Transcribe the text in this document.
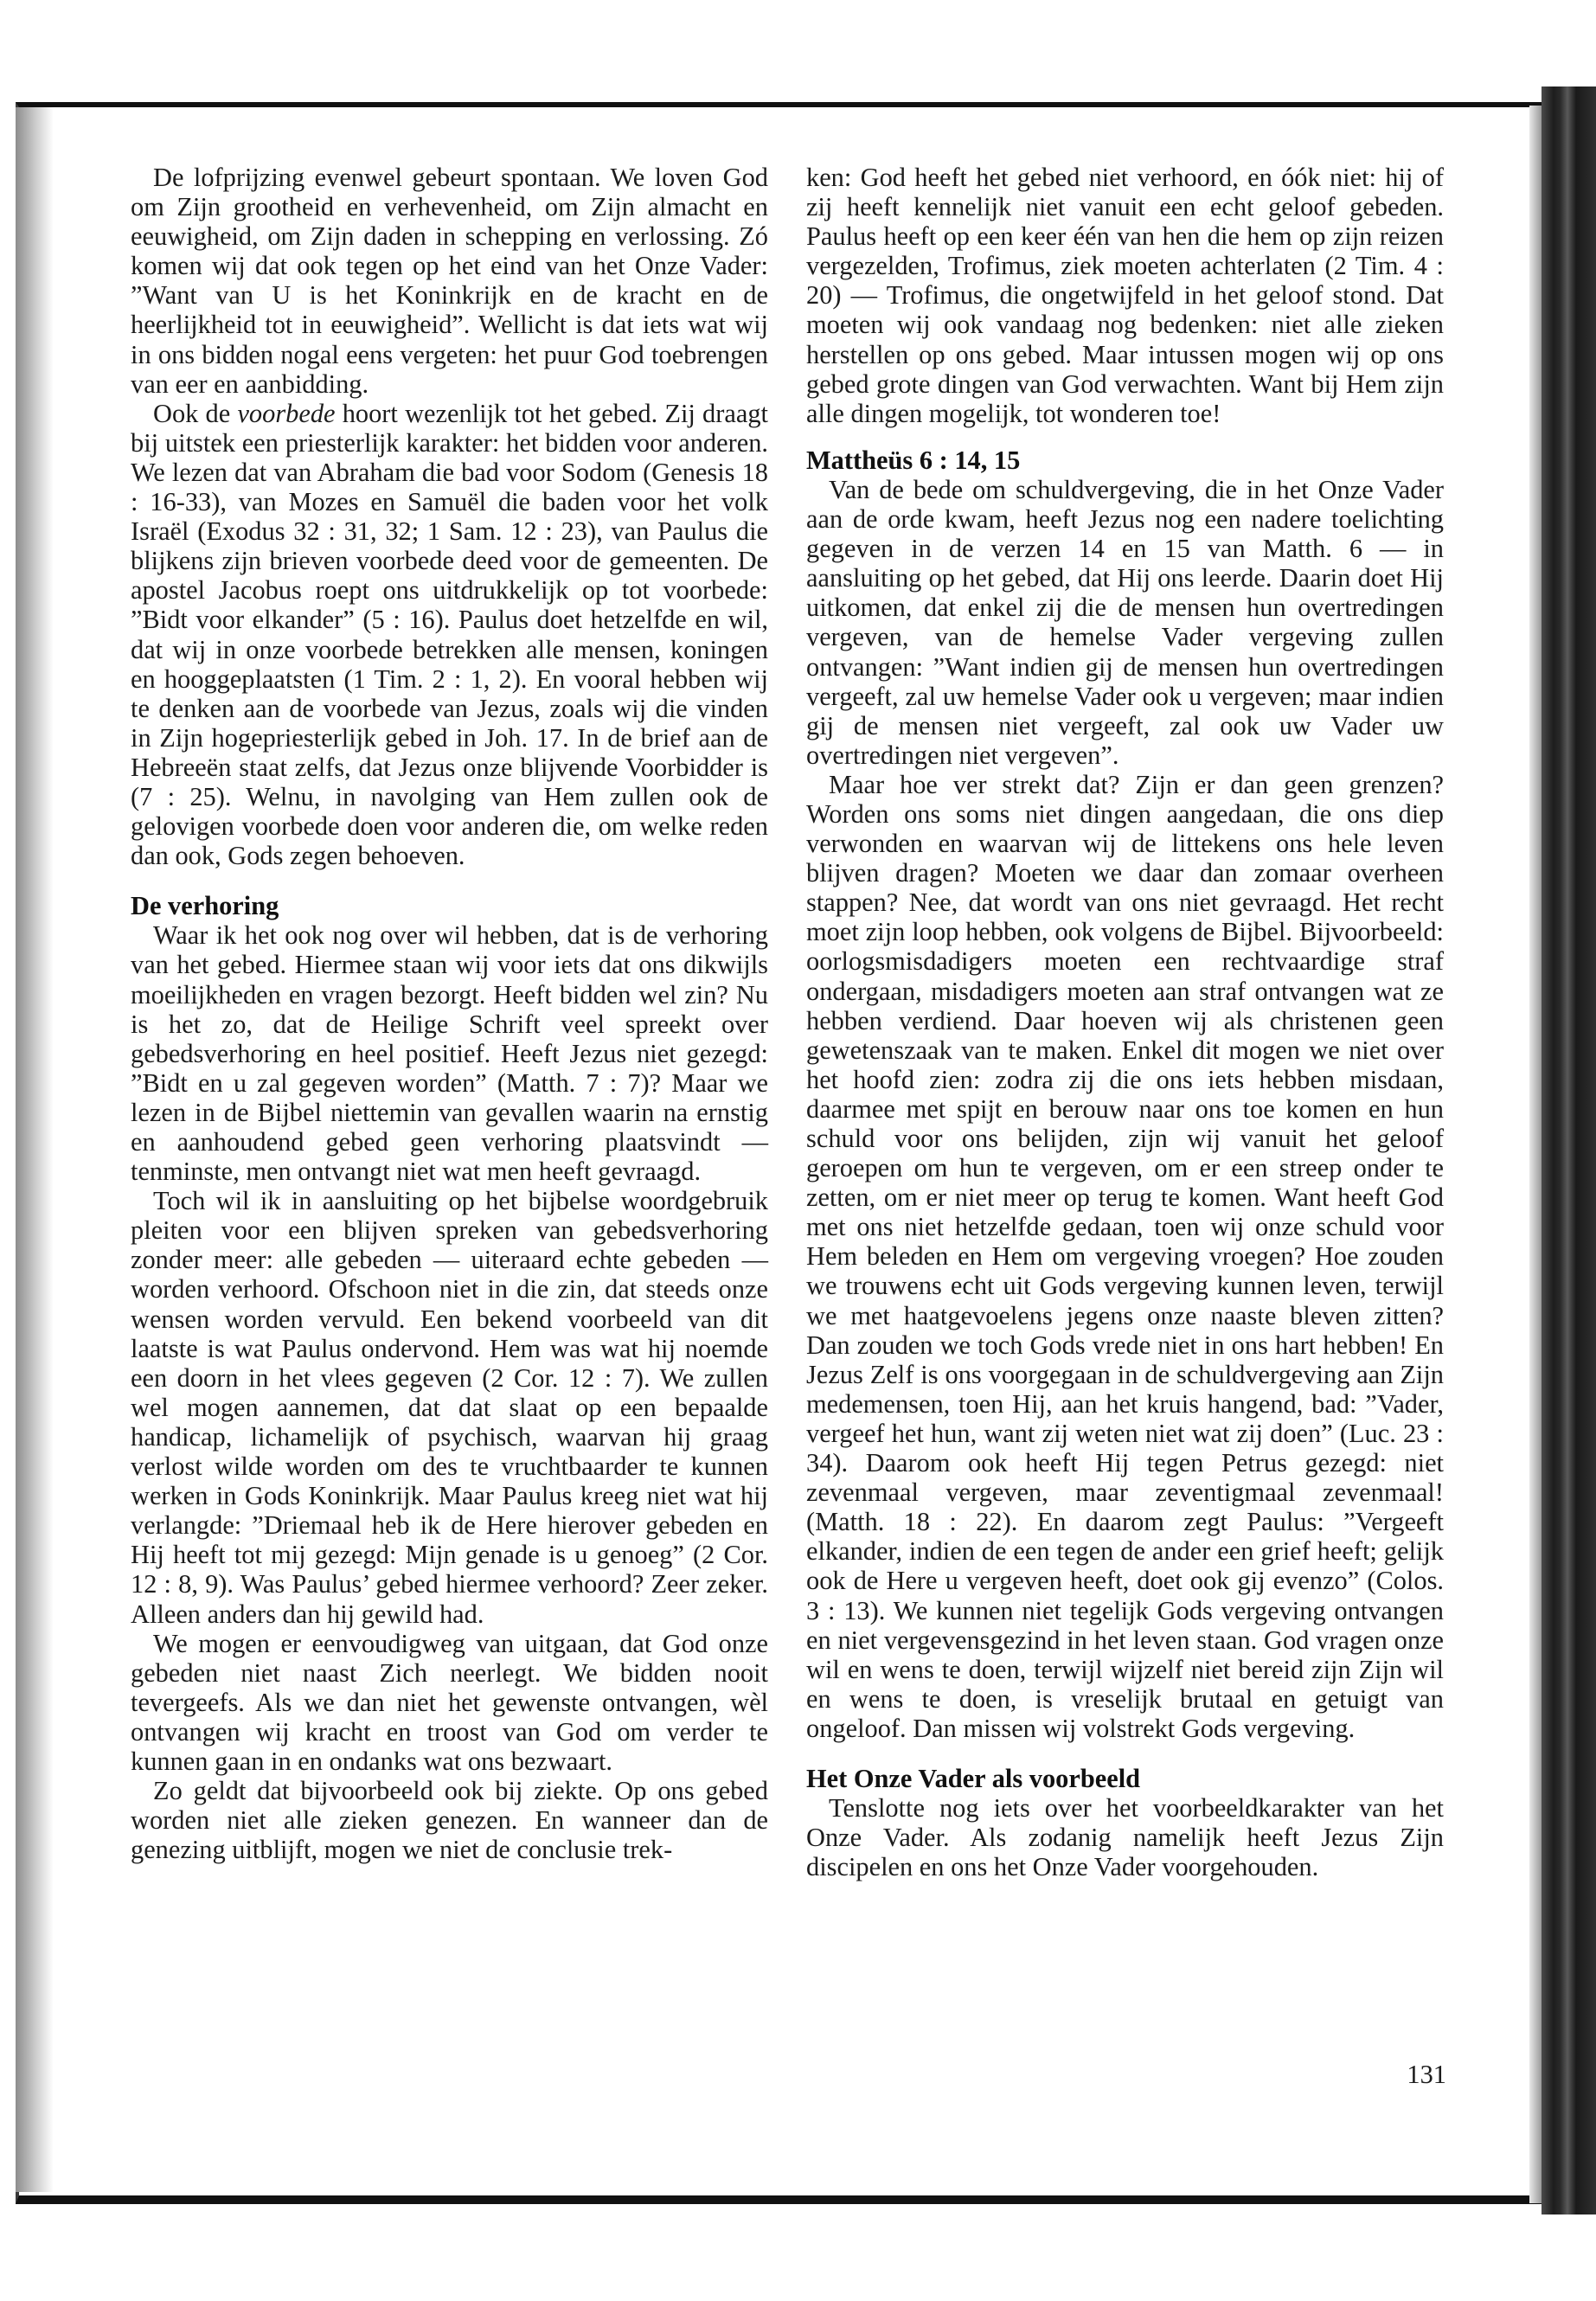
De lofprijzing evenwel gebeurt spontaan. We loven God om Zijn grootheid en verhevenheid, om Zijn almacht en eeuwigheid, om Zijn daden in schepping en verlossing. Zó komen wij dat ook tegen op het eind van het Onze Vader: ”Want van U is het Koninkrijk en de kracht en de heerlijkheid tot in eeuwigheid”. Wellicht is dat iets wat wij in ons bidden nogal eens vergeten: het puur God toebrengen van eer en aanbidding.

Ook de voorbede hoort wezenlijk tot het gebed. Zij draagt bij uitstek een priesterlijk karakter: het bidden voor anderen. We lezen dat van Abraham die bad voor Sodom (Genesis 18 : 16-33), van Mozes en Samuël die baden voor het volk Israël (Exodus 32 : 31, 32; 1 Sam. 12 : 23), van Paulus die blijkens zijn brieven voorbede deed voor de gemeenten. De apostel Jacobus roept ons uitdrukkelijk op tot voorbede: ”Bidt voor elkander” (5 : 16). Paulus doet hetzelfde en wil, dat wij in onze voorbede betrekken alle mensen, koningen en hooggeplaatsten (1 Tim. 2 : 1, 2). En vooral hebben wij te denken aan de voorbede van Jezus, zoals wij die vinden in Zijn hogepriesterlijk gebed in Joh. 17. In de brief aan de Hebreeën staat zelfs, dat Jezus onze blijvende Voorbidder is (7 : 25). Welnu, in navolging van Hem zullen ook de gelovigen voorbede doen voor anderen die, om welke reden dan ook, Gods zegen behoeven.

De verhoring

Waar ik het ook nog over wil hebben, dat is de verhoring van het gebed. Hiermee staan wij voor iets dat ons dikwijls moeilijkheden en vragen bezorgt. Heeft bidden wel zin? Nu is het zo, dat de Heilige Schrift veel spreekt over gebedsverhoring en heel positief. Heeft Jezus niet gezegd: ”Bidt en u zal gegeven worden” (Matth. 7 : 7)? Maar we lezen in de Bijbel niettemin van gevallen waarin na ernstig en aanhoudend gebed geen verhoring plaatsvindt — tenminste, men ontvangt niet wat men heeft gevraagd.

Toch wil ik in aansluiting op het bijbelse woordgebruik pleiten voor een blijven spreken van gebedsverhoring zonder meer: alle gebeden — uiteraard echte gebeden — worden verhoord. Ofschoon niet in die zin, dat steeds onze wensen worden vervuld. Een bekend voorbeeld van dit laatste is wat Paulus ondervond. Hem was wat hij noemde een doorn in het vlees gegeven (2 Cor. 12 : 7). We zullen wel mogen aannemen, dat dat slaat op een bepaalde handicap, lichamelijk of psychisch, waarvan hij graag verlost wilde worden om des te vruchtbaarder te kunnen werken in Gods Koninkrijk. Maar Paulus kreeg niet wat hij verlangde: ”Driemaal heb ik de Here hierover gebeden en Hij heeft tot mij gezegd: Mijn genade is u genoeg” (2 Cor. 12 : 8, 9). Was Paulus’ gebed hiermee verhoord? Zeer zeker. Alleen anders dan hij gewild had.

We mogen er eenvoudigweg van uitgaan, dat God onze gebeden niet naast Zich neerlegt. We bidden nooit tevergeefs. Als we dan niet het gewenste ontvangen, wèl ontvangen wij kracht en troost van God om verder te kunnen gaan in en ondanks wat ons bezwaart.

Zo geldt dat bijvoorbeeld ook bij ziekte. Op ons gebed worden niet alle zieken genezen. En wanneer dan de genezing uitblijft, mogen we niet de conclusie trek-

ken: God heeft het gebed niet verhoord, en óók niet: hij of zij heeft kennelijk niet vanuit een echt geloof gebeden. Paulus heeft op een keer één van hen die hem op zijn reizen vergezelden, Trofimus, ziek moeten achterlaten (2 Tim. 4 : 20) — Trofimus, die ongetwijfeld in het geloof stond. Dat moeten wij ook vandaag nog bedenken: niet alle zieken herstellen op ons gebed. Maar intussen mogen wij op ons gebed grote dingen van God verwachten. Want bij Hem zijn alle dingen mogelijk, tot wonderen toe!

Mattheüs 6 : 14, 15

Van de bede om schuldvergeving, die in het Onze Vader aan de orde kwam, heeft Jezus nog een nadere toelichting gegeven in de verzen 14 en 15 van Matth. 6 — in aansluiting op het gebed, dat Hij ons leerde. Daarin doet Hij uitkomen, dat enkel zij die de mensen hun overtredingen vergeven, van de hemelse Vader vergeving zullen ontvangen: ”Want indien gij de mensen hun overtredingen vergeeft, zal uw hemelse Vader ook u vergeven; maar indien gij de mensen niet vergeeft, zal ook uw Vader uw overtredingen niet vergeven”.

Maar hoe ver strekt dat? Zijn er dan geen grenzen? Worden ons soms niet dingen aangedaan, die ons diep verwonden en waarvan wij de littekens ons hele leven blijven dragen? Moeten we daar dan zomaar overheen stappen? Nee, dat wordt van ons niet gevraagd. Het recht moet zijn loop hebben, ook volgens de Bijbel. Bijvoorbeeld: oorlogsmisdadigers moeten een rechtvaardige straf ondergaan, misdadigers moeten aan straf ontvangen wat ze hebben verdiend. Daar hoeven wij als christenen geen gewetenszaak van te maken. Enkel dit mogen we niet over het hoofd zien: zodra zij die ons iets hebben misdaan, daarmee met spijt en berouw naar ons toe komen en hun schuld voor ons belijden, zijn wij vanuit het geloof geroepen om hun te vergeven, om er een streep onder te zetten, om er niet meer op terug te komen. Want heeft God met ons niet hetzelfde gedaan, toen wij onze schuld voor Hem beleden en Hem om vergeving vroegen? Hoe zouden we trouwens echt uit Gods vergeving kunnen leven, terwijl we met haatgevoelens jegens onze naaste bleven zitten? Dan zouden we toch Gods vrede niet in ons hart hebben! En Jezus Zelf is ons voorgegaan in de schuldvergeving aan Zijn medemensen, toen Hij, aan het kruis hangend, bad: ”Vader, vergeef het hun, want zij weten niet wat zij doen” (Luc. 23 : 34). Daarom ook heeft Hij tegen Petrus gezegd: niet zevenmaal vergeven, maar zeventigmaal zevenmaal! (Matth. 18 : 22). En daarom zegt Paulus: ”Vergeeft elkander, indien de een tegen de ander een grief heeft; gelijk ook de Here u vergeven heeft, doet ook gij evenzo” (Colos. 3 : 13). We kunnen niet tegelijk Gods vergeving ontvangen en niet vergevensgezind in het leven staan. God vragen onze wil en wens te doen, terwijl wijzelf niet bereid zijn Zijn wil en wens te doen, is vreselijk brutaal en getuigt van ongeloof. Dan missen wij volstrekt Gods vergeving.

Het Onze Vader als voorbeeld

Tenslotte nog iets over het voorbeeldkarakter van het Onze Vader. Als zodanig namelijk heeft Jezus Zijn discipelen en ons het Onze Vader voorgehouden.

131
